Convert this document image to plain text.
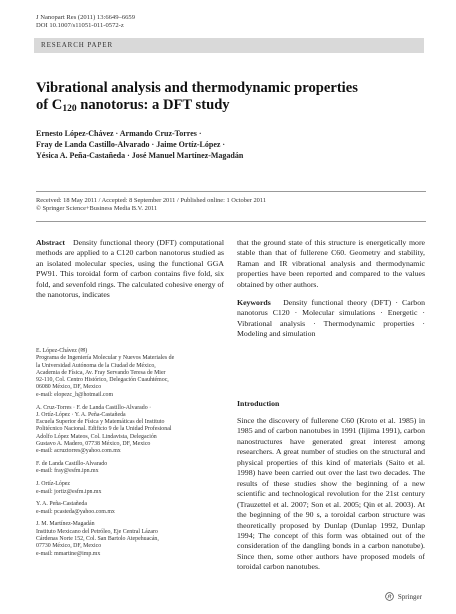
J Nanopart Res (2011) 13:6649–6659
DOI 10.1007/s11051-011-0572-z
RESEARCH PAPER
Vibrational analysis and thermodynamic properties
of $C_{120}$ nanotorus: a DFT study
Ernesto López-Chávez · Armando Cruz-Torres ·
Fray de Landa Castillo-Alvarado · Jaime Ortíz-López ·
Yésica A. Peña-Castañeda · José Manuel Martínez-Magadán
Received: 18 May 2011 / Accepted: 8 September 2011 / Published online: 1 October 2011
© Springer Science+Business Media B.V. 2011
Abstract Density functional theory (DFT) computational methods are applied to a C120 carbon nanotorus studied as an isolated molecular species, using the functional GGA PW91. This toroidal form of carbon contains five fold, six fold, and sevenfold rings. The calculated cohesive energy of the nanotorus, indicates
that the ground state of this structure is energetically more stable than that of fullerene C60. Geometry and stability, Raman and IR vibrational analysis and thermodynamic properties have been reported and compared to the values obtained by other authors.
Keywords Density functional theory (DFT) · Carbon nanotorus C120 · Molecular simulations · Energetic · Vibrational analysis · Thermodynamic properties · Modeling and simulation
E. López-Chávez (✉)
Programa de Ingeniería Molecular y Nuevos Materiales de
la Universidad Autónoma de la Ciudad de México,
Academia de Física, Av. Fray Servando Teresa de Mier
92-110, Col. Centro Histórico, Delegación Cuauhtémoc,
06080 México, DF, Mexico
e-mail: elopezc_h@hotmail.com
A. Cruz-Torres · F. de Landa Castillo-Alvarado ·
J. Ortíz-López · Y. A. Peña-Castañeda
Escuela Superior de Física y Matemáticas del Instituto
Politécnico Nacional. Edificio 9 de la Unidad Profesional
Adolfo López Mateos, Col. Lindavista, Delegación
Gustavo A. Madero, 07738 México, DF, Mexico
e-mail: acruztorres@yahoo.com.mx
F. de Landa Castillo-Alvarado
e-mail: fray@esfm.ipn.mx
J. Ortíz-López
e-mail: jortiz@esfm.ipn.mx
Y. A. Peña-Castañeda
e-mail: pcasteda@yahoo.com.mx
J. M. Martínez-Magadán
Instituto Mexicano del Petróleo, Eje Central Lázaro
Cárdenas Norte 152, Col. San Bartolo Atepehuacán,
07730 México, DF, Mexico
e-mail: mmartine@imp.mx
Introduction
Since the discovery of fullerene C60 (Kroto et al. 1985) in 1985 and of carbon nanotubes in 1991 (Iijima 1991), carbon nanostructures have generated great interest among researchers. A great number of studies on the structural and physical properties of this kind of materials (Saito et al. 1998) have been carried out over the last two decades. The results of these studies show the beginning of a new scientific and technological revolution for the 21st century (Trauzettel et al. 2007; Son et al. 2005; Qin et al. 2003). At the beginning of the 90 s, a toroidal carbon structure was theoretically proposed by Dunlap (Dunlap 1992, Dunlap 1994; The concept of this form was obtained out of the consideration of the dangling bonds in a carbon nanotube). Since then, some other authors have proposed models of toroidal carbon nanotubes.
Springer
